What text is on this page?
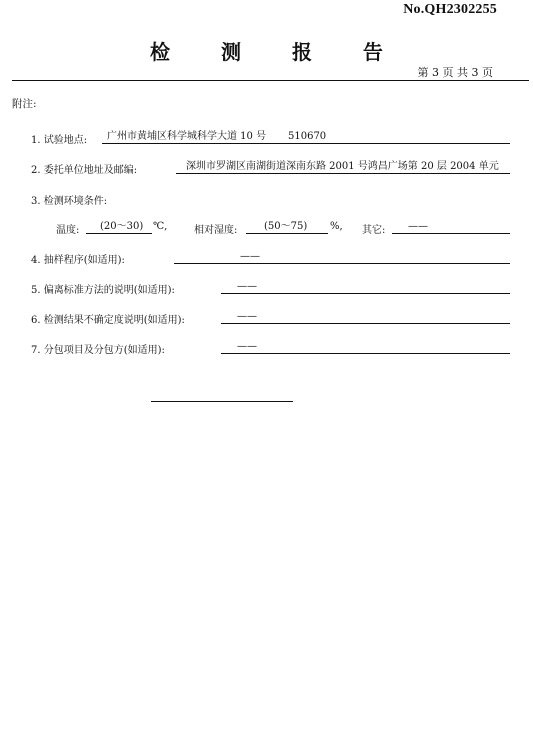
No.QH2302255
检 测 报 告
第 3 页 共 3 页
附注:
1. 试验地点: 广州市黄埔区科学城科学大道 10 号 510670
2. 委托单位地址及邮编:	深圳市罗湖区南湖街道深南东路 2001 号鸿昌广场第 20 层 2004 单元
3. 检测环境条件:
温度: (20～30) ℃,	相对湿度:	(50～75) %, 其它: ——
4. 抽样程序(如适用):	——
5. 偏离标准方法的说明(如适用):	——
6. 检测结果不确定度说明(如适用):	——
7. 分包项目及分包方(如适用):	——
